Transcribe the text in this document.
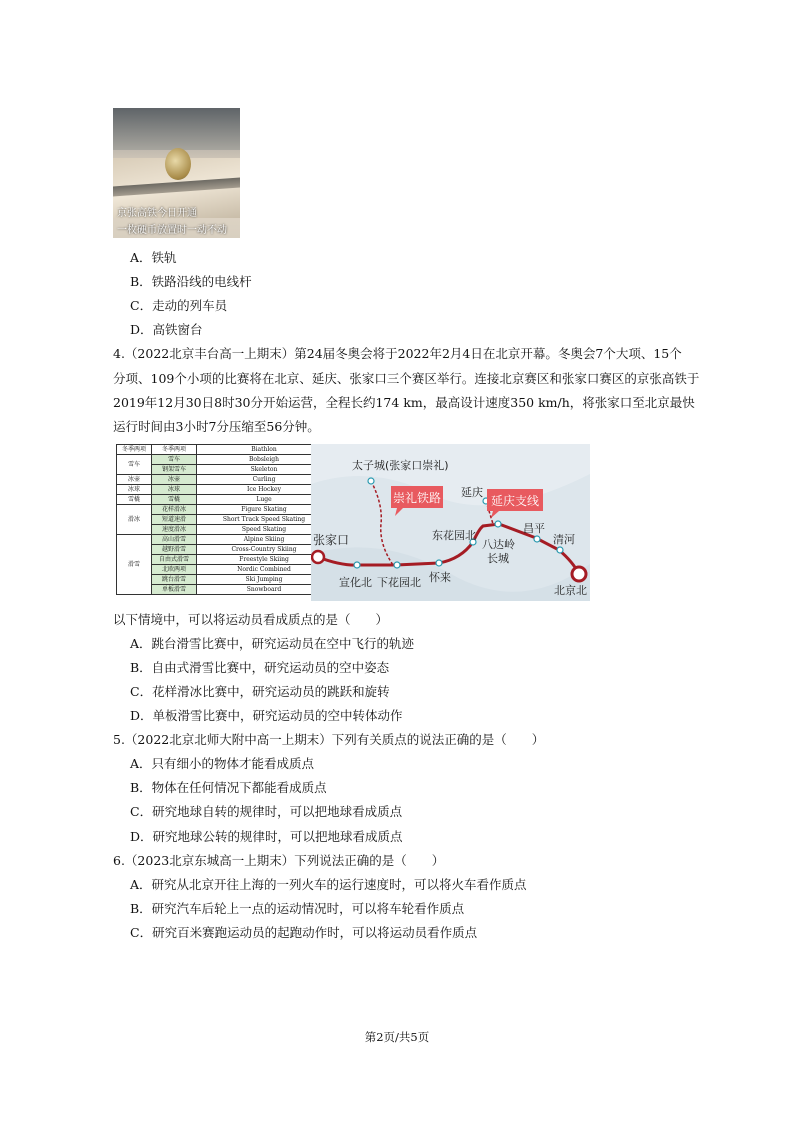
京张高铁今日开通
一枚硬币放置时一动不动
A．铁轨
B．铁路沿线的电线杆
C．走动的列车员
D．高铁窗台
4.（2022北京丰台高一上期末）第24届冬奥会将于2022年2月4日在北京开幕。冬奥会7个大项、15个
分项、109个小项的比赛将在北京、延庆、张家口三个赛区举行。连接北京赛区和张家口赛区的京张高铁于
2019年12月30日8时30分开始运营，全程长约174 km，最高设计速度350 km/h，将张家口至北京最快
运行时间由3小时7分压缩至56分钟。
冬季两项	冬季两项	Biathlon
雪车	雪车	Bobsleigh
	钢架雪车	Skeleton
冰壶	冰壶	Curling
冰球	冰球	Ice Hockey
雪橇	雪橇	Luge
滑冰	花样滑冰	Figure Skating
	短道速滑	Short Track Speed Skating
	速度滑冰	Speed Skating
滑雪	高山滑雪	Alpine Skiing
	越野滑雪	Cross-Country Skiing
	自由式滑雪	Freestyle Skiing
	北欧两项	Nordic Combined
	跳台滑雪	Ski Jumping
	单板滑雪	Snowboard
崇礼铁路	延庆支线
太子城(张家口崇礼)
延庆
张家口	东花园北
八达岭
长城
昌平
清河
宣化北 下花园北 怀来
北京北
以下情境中，可以将运动员看成质点的是（　　）
A．跳台滑雪比赛中，研究运动员在空中飞行的轨迹
B．自由式滑雪比赛中，研究运动员的空中姿态
C．花样滑冰比赛中，研究运动员的跳跃和旋转
D．单板滑雪比赛中，研究运动员的空中转体动作
5.（2022北京北师大附中高一上期末）下列有关质点的说法正确的是（　　）
A．只有细小的物体才能看成质点
B．物体在任何情况下都能看成质点
C．研究地球自转的规律时，可以把地球看成质点
D．研究地球公转的规律时，可以把地球看成质点
6.（2023北京东城高一上期末）下列说法正确的是（　　）
A．研究从北京开往上海的一列火车的运行速度时，可以将火车看作质点
B．研究汽车后轮上一点的运动情况时，可以将车轮看作质点
C．研究百米赛跑运动员的起跑动作时，可以将运动员看作质点
第2页/共5页
